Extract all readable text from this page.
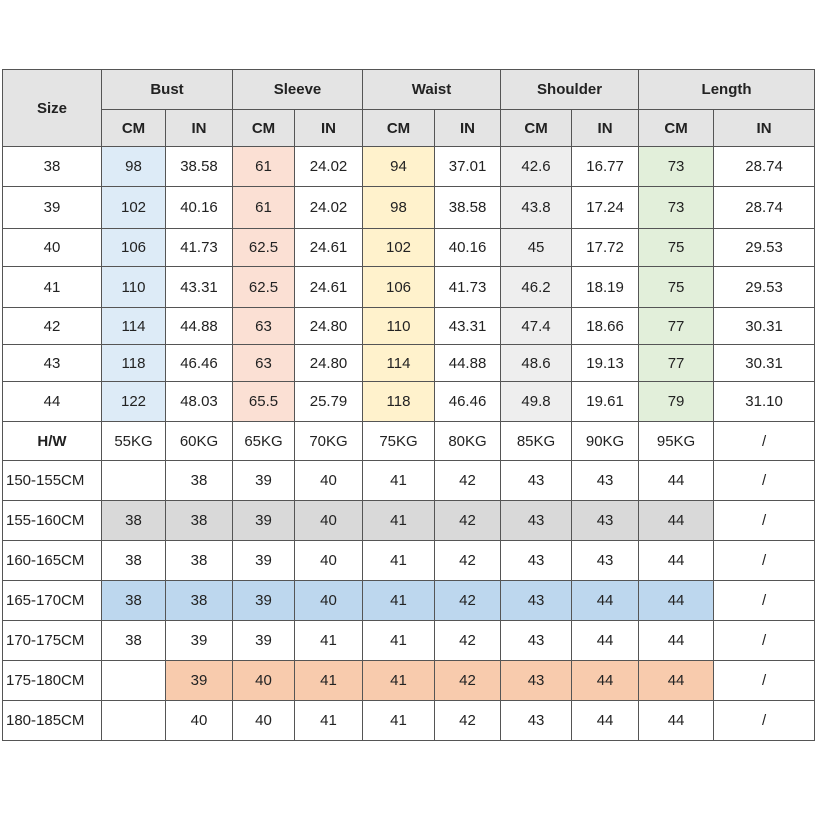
Size	Bust		Sleeve		Waist		Shoulder		Length	
	CM	IN	CM	IN	CM	IN	CM	IN	CM	IN
38	98	38.58	61	24.02	94	37.01	42.6	16.77	73	28.74
39	102	40.16	61	24.02	98	38.58	43.8	17.24	73	28.74
40	106	41.73	62.5	24.61	102	40.16	45	17.72	75	29.53
41	110	43.31	62.5	24.61	106	41.73	46.2	18.19	75	29.53
42	114	44.88	63	24.80	110	43.31	47.4	18.66	77	30.31
43	118	46.46	63	24.80	114	44.88	48.6	19.13	77	30.31
44	122	48.03	65.5	25.79	118	46.46	49.8	19.61	79	31.10
H/W	55KG	60KG	65KG	70KG	75KG	80KG	85KG	90KG	95KG	/
150-155CM		38	39	40	41	42	43	43	44	/
155-160CM	38	38	39	40	41	42	43	43	44	/
160-165CM	38	38	39	40	41	42	43	43	44	/
165-170CM	38	38	39	40	41	42	43	44	44	/
170-175CM	38	39	39	41	41	42	43	44	44	/
175-180CM		39	40	41	41	42	43	44	44	/
180-185CM		40	40	41	41	42	43	44	44	/
